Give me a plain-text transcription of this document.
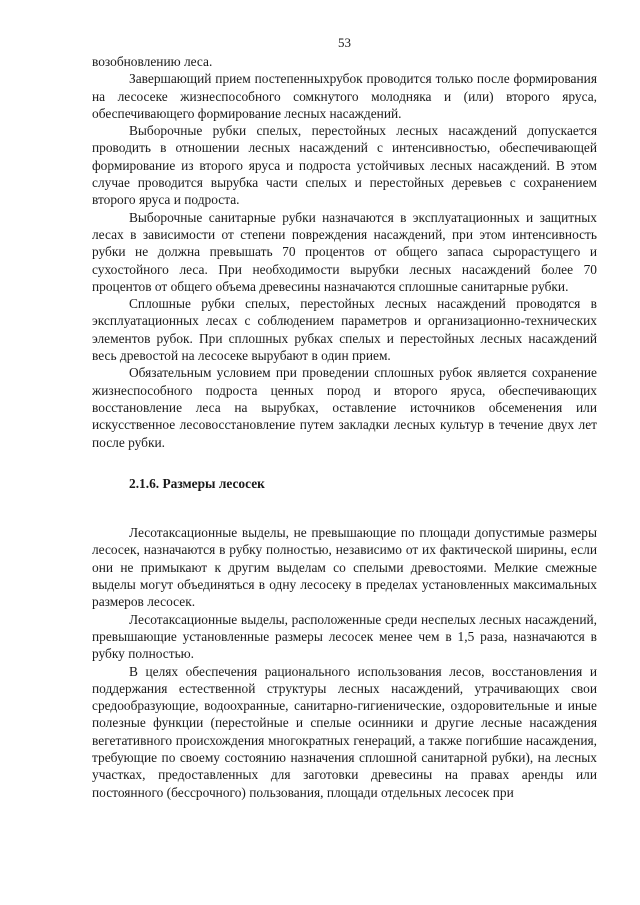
53

возобновлению леса.

Завершающий прием постепенныхрубок проводится только после формирования на лесосеке жизнеспособного сомкнутого молодняка и (или) второго яруса, обеспечивающего формирование лесных насаждений.

Выборочные рубки спелых, перестойных лесных насаждений допускается проводить в отношении лесных насаждений с интенсивностью, обеспечивающей формирование из второго яруса и подроста устойчивых лесных насаждений. В этом случае проводится вырубка части спелых и перестойных деревьев с сохранением второго яруса и подроста.

Выборочные санитарные рубки назначаются в эксплуатационных и защитных лесах в зависимости от степени повреждения насаждений, при этом интенсивность рубки не должна превышать 70 процентов от общего запаса сырорастущего и сухостойного леса. При необходимости вырубки лесных насаждений более 70 процентов от общего объема древесины назначаются сплошные санитарные рубки.

Сплошные рубки спелых, перестойных лесных насаждений проводятся в эксплуатационных лесах с соблюдением параметров и организационно-технических элементов рубок. При сплошных рубках спелых и перестойных лесных насаждений весь древостой на лесосеке вырубают в один прием.

Обязательным условием при проведении сплошных рубок является сохранение жизнеспособного подроста ценных пород и второго яруса, обеспечивающих восстановление леса на вырубках, оставление источников обсеменения или искусственное лесовосстановление путем закладки лесных культур в течение двух лет после рубки.

2.1.6. Размеры лесосек

Лесотаксационные выделы, не превышающие по площади допустимые размеры лесосек, назначаются в рубку полностью, независимо от их фактической ширины, если они не примыкают к другим выделам со спелыми древостоями. Мелкие смежные выделы могут объединяться в одну лесосеку в пределах установленных максимальных размеров лесосек.

Лесотаксационные выделы, расположенные среди неспелых лесных насаждений, превышающие установленные размеры лесосек менее чем в 1,5 раза, назначаются в рубку полностью.

В целях обеспечения рационального использования лесов, восстановления и поддержания естественной структуры лесных насаждений, утрачивающих свои средообразующие, водоохранные, санитарно-гигиенические, оздоровительные и иные полезные функции (перестойные и спелые осинники и другие лесные насаждения вегетативного происхождения многократных генераций, а также погибшие насаждения, требующие по своему состоянию назначения сплошной санитарной рубки), на лесных участках, предоставленных для заготовки древесины на правах аренды или постоянного (бессрочного) пользования, площади отдельных лесосек при
